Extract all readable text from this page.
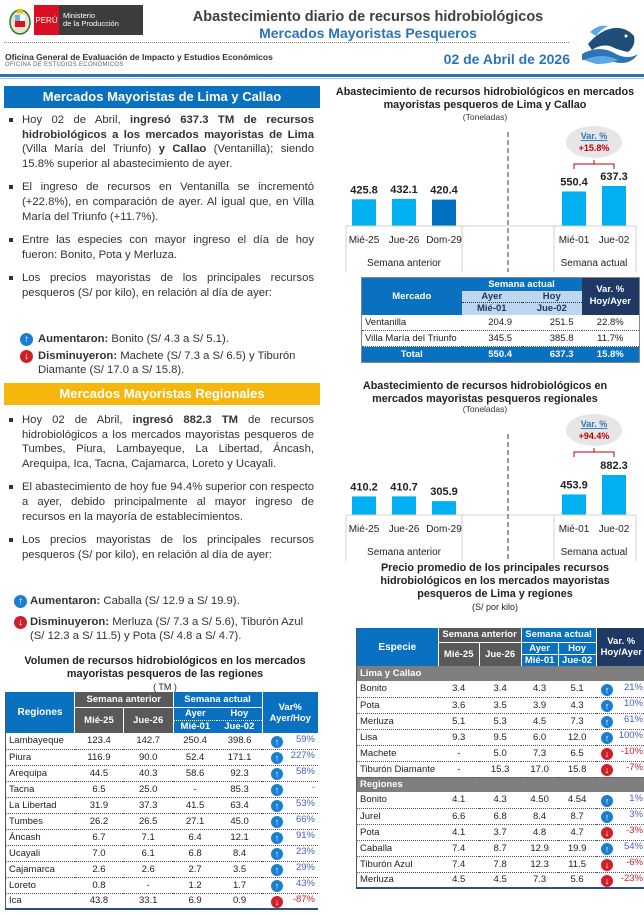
PERÚ Ministerio
de la Producción	Abastecimiento diario de recursos hidrobiológicos
Mercados Mayoristas Pesqueros
Oficina General de Evaluación de Impacto y Estudios Económicos
OFICINA DE ESTUDIOS ECONÓMICOS	02 de Abril de 2026
Mercados Mayoristas de Lima y Callao
Hoy 02 de Abril, ingresó 637.3 TM de recursos hidrobiológicos a los mercados mayoristas de Lima (Villa María del Triunfo) y Callao (Ventanilla); siendo 15.8% superior al abastecimiento de ayer.
El ingreso de recursos en Ventanilla se incrementó (+22.8%), en comparación de ayer. Al igual que, en Villa María del Triunfo (+11.7%).
Entre las especies con mayor ingreso el día de hoy fueron: Bonito, Pota y Merluza.
Los precios mayoristas de los principales recursos pesqueros (S/ por kilo), en relación al día de ayer:
↑ Aumentaron: Bonito (S/ 4.3 a S/ 5.1).
↓ Disminuyeron: Machete (S/ 7.3 a S/ 6.5) y Tiburón Diamante (S/ 17.0 a S/ 15.8).
Mercados Mayoristas Regionales
Hoy 02 de Abril, ingresó 882.3 TM de recursos hidrobiológicos a los mercados mayoristas pesqueros de Tumbes, Piura, Lambayeque, La Libertad, Áncash, Arequipa, Ica, Tacna, Cajamarca, Loreto y Ucayali.
El abastecimiento de hoy fue 94.4% superior con respecto a ayer, debido principalmente al mayor ingreso de recursos en la mayoría de establecimientos.
Los precios mayoristas de los principales recursos pesqueros (S/ por kilo), en relación al día de ayer:
↑ Aumentaron: Caballa (S/ 12.9 a S/ 19.9).
↓ Disminuyeron: Merluza (S/ 7.3 a S/ 5.6), Tiburón Azul (S/ 12.3 a S/ 11.5) y Pota (S/ 4.8 a S/ 4.7).
Volumen de recursos hidrobiológicos en los mercados mayoristas pesqueros de las regiones
( TM )
Regiones	Semana anterior		Semana actual		Var% Ayer/Hoy
	Mié-25	Jue-26	Ayer	Hoy	
			Mié-01	Jue-02	
Lambayeque	123.4	142.7	250.4	398.6	↑ 59%
Piura	116.9	90.0	52.4	171.1	↑ 227%
Arequipa	44.5	40.3	58.6	92.3	↑ 58%
Tacna	6.5	25.0	-	85.3	↑ -
La Libertad	31.9	37.3	41.5	63.4	↑ 53%
Tumbes	26.2	26.5	27.1	45.0	↑ 66%
Áncash	6.7	7.1	6.4	12.1	↑ 91%
Ucayali	7.0	6.1	6.8	8.4	↑ 23%
Cajamarca	2.6	2.6	2.7	3.5	↑ 29%
Loreto	0.8	-	1.2	1.7	↑ 43%
Ica	43.8	33.1	6.9	0.9	↓ -87%
Abastecimiento de recursos hidrobiológicos en mercados mayoristas pesqueros de Lima y Callao
(Toneladas)
425.8
Mié-25
432.1
Jue-26
420.4
Dom-29
550.4
Mié-01
637.3
Jue-02
Semana anterior	Semana actual
Var. %
+15.8%
Mercado	Semana actual		Var. % Hoy/Ayer
	Ayer	Hoy	
	Mié-01	Jue-02	
Ventanilla	204.9	251.5	22.8%
Villa María del Triunfo	345.5	385.8	11.7%
Total	550.4	637.3	15.8%
Abastecimiento de recursos hidrobiológicos en mercados mayoristas pesqueros regionales
(Toneladas)
410.2
Mié-25
410.7
Jue-26
305.9
Dom-29
453.9
Mié-01
882.3
Jue-02
Semana anterior	Semana actual
Var. %
+94.4%
Precio promedio de los principales recursos hidrobiológicos en los mercados mayoristas pesqueros de Lima y regiones
(S/ por kilo)
Especie	Semana anterior		Semana actual		Var. % Hoy/Ayer
	Mié-25	Jue-26	Ayer	Hoy	
			Mié-01	Jue-02	
Lima y Callao					
Bonito	3.4	3.4	4.3	5.1	↑ 21%
Pota	3.6	3.5	3.9	4.3	↑ 10%
Merluza	5.1	5.3	4.5	7.3	↑ 61%
Lisa	9.3	9.5	6.0	12.0	↑ 100%
Machete	-	5.0	7.3	6.5	↓ -10%
Tiburón Diamante	-	15.3	17.0	15.8	↓ -7%
Regiones					
Bonito	4.1	4.3	4.50	4.54	↑ 1%
Jurel	6.6	6.8	8.4	8.7	↑ 3%
Pota	4.1	3.7	4.8	4.7	↓ -3%
Caballa	7.4	8.7	12.9	19.9	↑ 54%
Tiburón Azul	7.4	7.8	12.3	11.5	↓ -6%
Merluza	4.5	4.5	7.3	5.6	↓ -23%
